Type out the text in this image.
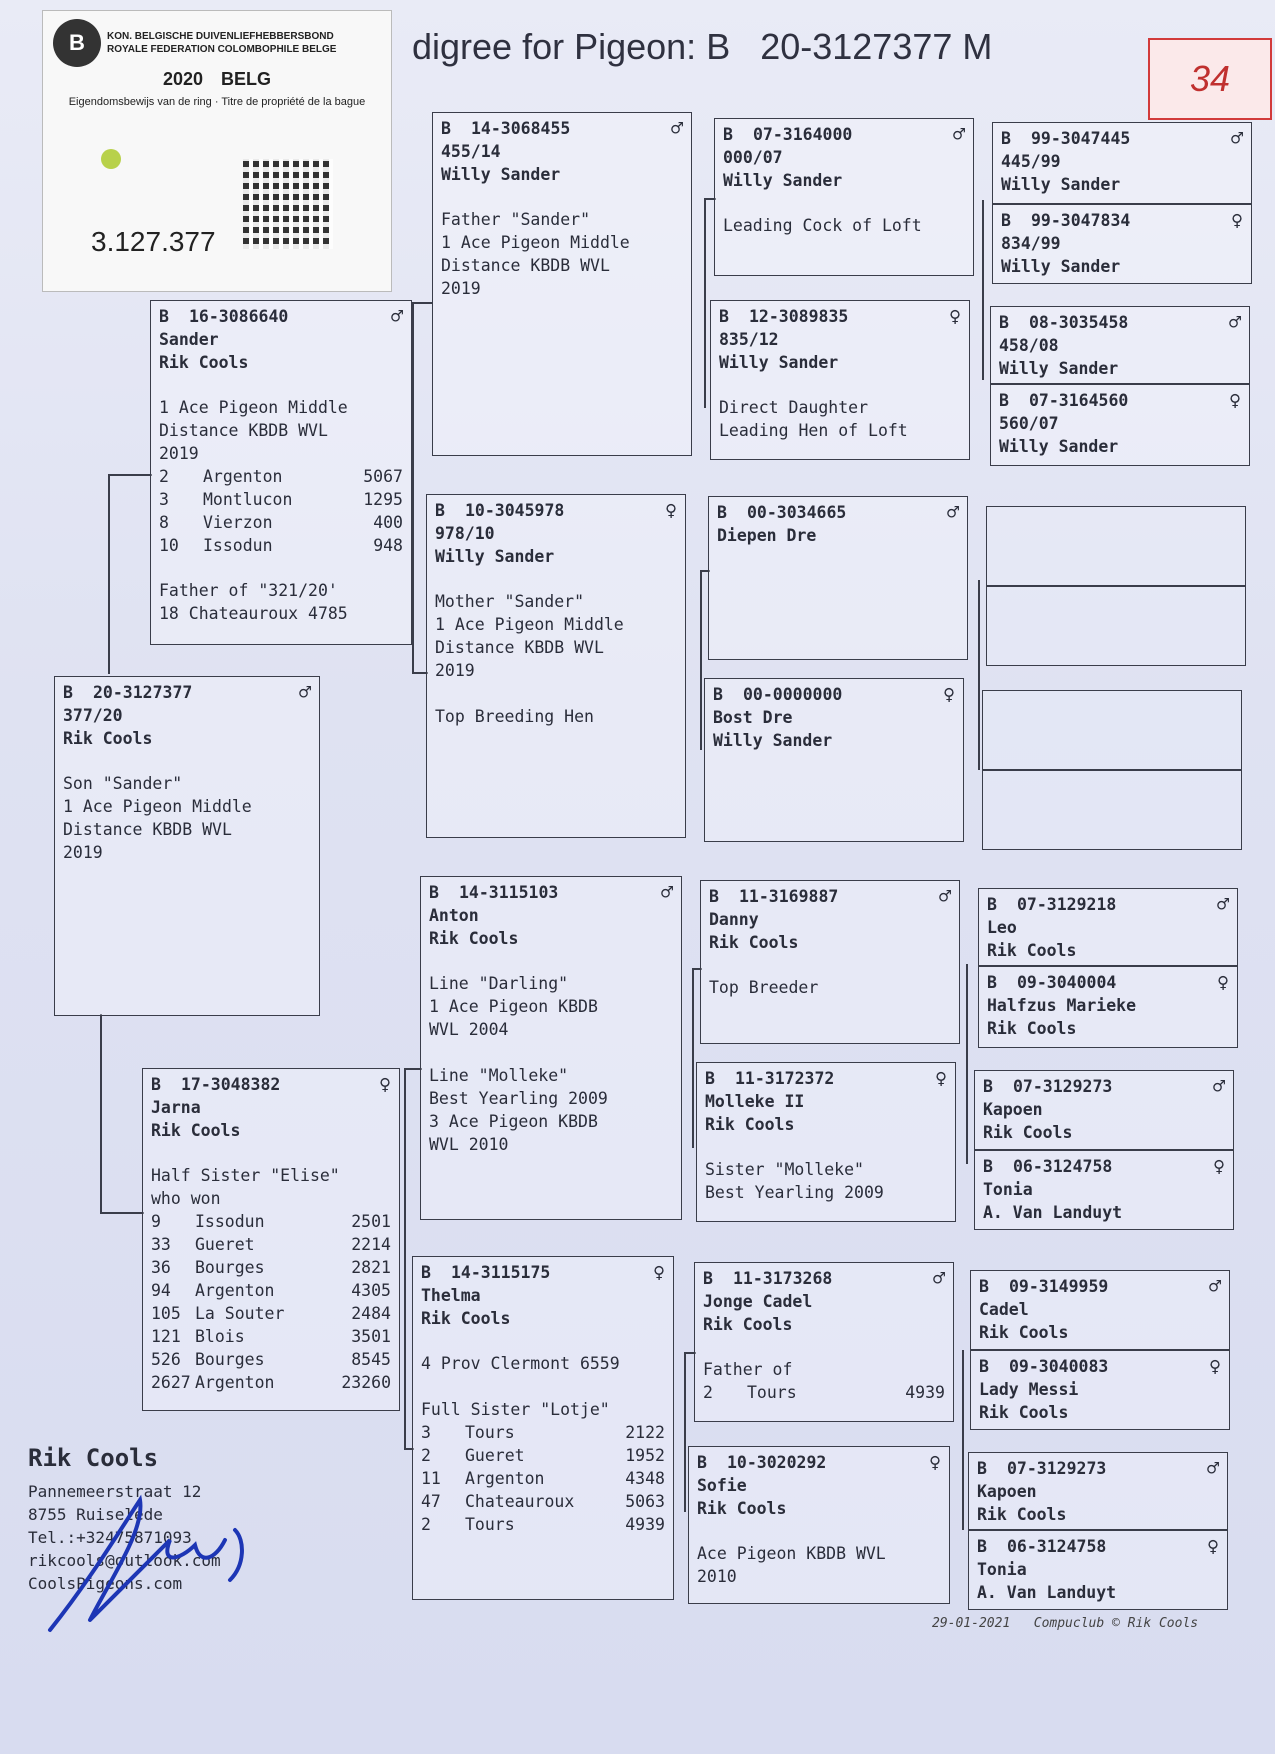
digree for Pigeon: B   20-3127377 M
34
B	KON. BELGISCHE DUIVENLIEFHEBBERSBOND
ROYALE FEDERATION COLOMBOPHILE BELGE
2020 BELG
Eigendomsbewijs van de ring · Titre de propriété de la bague
3.127.377
B	16-3086640	♂
Sander
Rik Cools
1 Ace Pigeon Middle
Distance KBDB WVL
2019
2	Argenton	5067
3	Montlucon	1295
8	Vierzon	400
10	Issodun	948
Father of "321/20'
18 Chateauroux 4785
B	20-3127377	♂
377/20
Rik Cools
Son "Sander"
1 Ace Pigeon Middle
Distance KBDB WVL
2019
B	17-3048382	♀
Jarna
Rik Cools
Half Sister "Elise"
who won
9	Issodun	2501
33	Gueret	2214
36	Bourges	2821
94	Argenton	4305
105 La Souter	2484
121 Blois	3501
526 Bourges	8545
2627 Argenton	23260
B	14-3068455	♂
455/14
Willy Sander
Father "Sander"
1 Ace Pigeon Middle
Distance KBDB WVL
2019
B	10-3045978	♀
978/10
Willy Sander
Mother "Sander"
1 Ace Pigeon Middle
Distance KBDB WVL
2019

Top Breeding Hen
B	14-3115103	♂
Anton
Rik Cools
Line "Darling"
1 Ace Pigeon KBDB
WVL 2004

Line "Molleke"
Best Yearling 2009
3 Ace Pigeon KBDB
WVL 2010
B	14-3115175	♀
Thelma
Rik Cools
4 Prov Clermont 6559

Full Sister "Lotje"
3	Tours	2122
2	Gueret	1952
11	Argenton	4348
47	Chateauroux	5063
2	Tours	4939
B	07-3164000	♂
000/07
Willy Sander
Leading Cock of Loft
B	12-3089835	♀
835/12
Willy Sander
Direct Daughter
Leading Hen of Loft
B	00-3034665	♂
Diepen Dre
B	00-0000000	♀
Bost Dre
Willy Sander
B	11-3169887	♂
Danny
Rik Cools
Top Breeder
B	11-3172372	♀
Molleke II
Rik Cools
Sister "Molleke"
Best Yearling 2009
B	11-3173268	♂
Jonge Cadel
Rik Cools
Father of
2	Tours	4939
B	10-3020292	♀
Sofie
Rik Cools
Ace Pigeon KBDB WVL
2010
B	99-3047445	♂
445/99
Willy Sander
B	99-3047834	♀
834/99
Willy Sander
B	08-3035458	♂
458/08
Willy Sander
B	07-3164560	♀
560/07
Willy Sander
B	07-3129218	♂
Leo
Rik Cools
B	09-3040004	♀
Halfzus Marieke
Rik Cools
B	07-3129273	♂
Kapoen
Rik Cools
B	06-3124758	♀
Tonia
A. Van Landuyt
B	09-3149959	♂
Cadel
Rik Cools
B	09-3040083	♀
Lady Messi
Rik Cools
B	07-3129273	♂
Kapoen
Rik Cools
B	06-3124758	♀
Tonia
A. Van Landuyt
Rik Cools
Pannemeerstraat 12
8755 Ruiselede
Tel.:+32475871093
rikcools@outlook.com
CoolsPigeons.com
29-01-2021   Compuclub © Rik Cools
